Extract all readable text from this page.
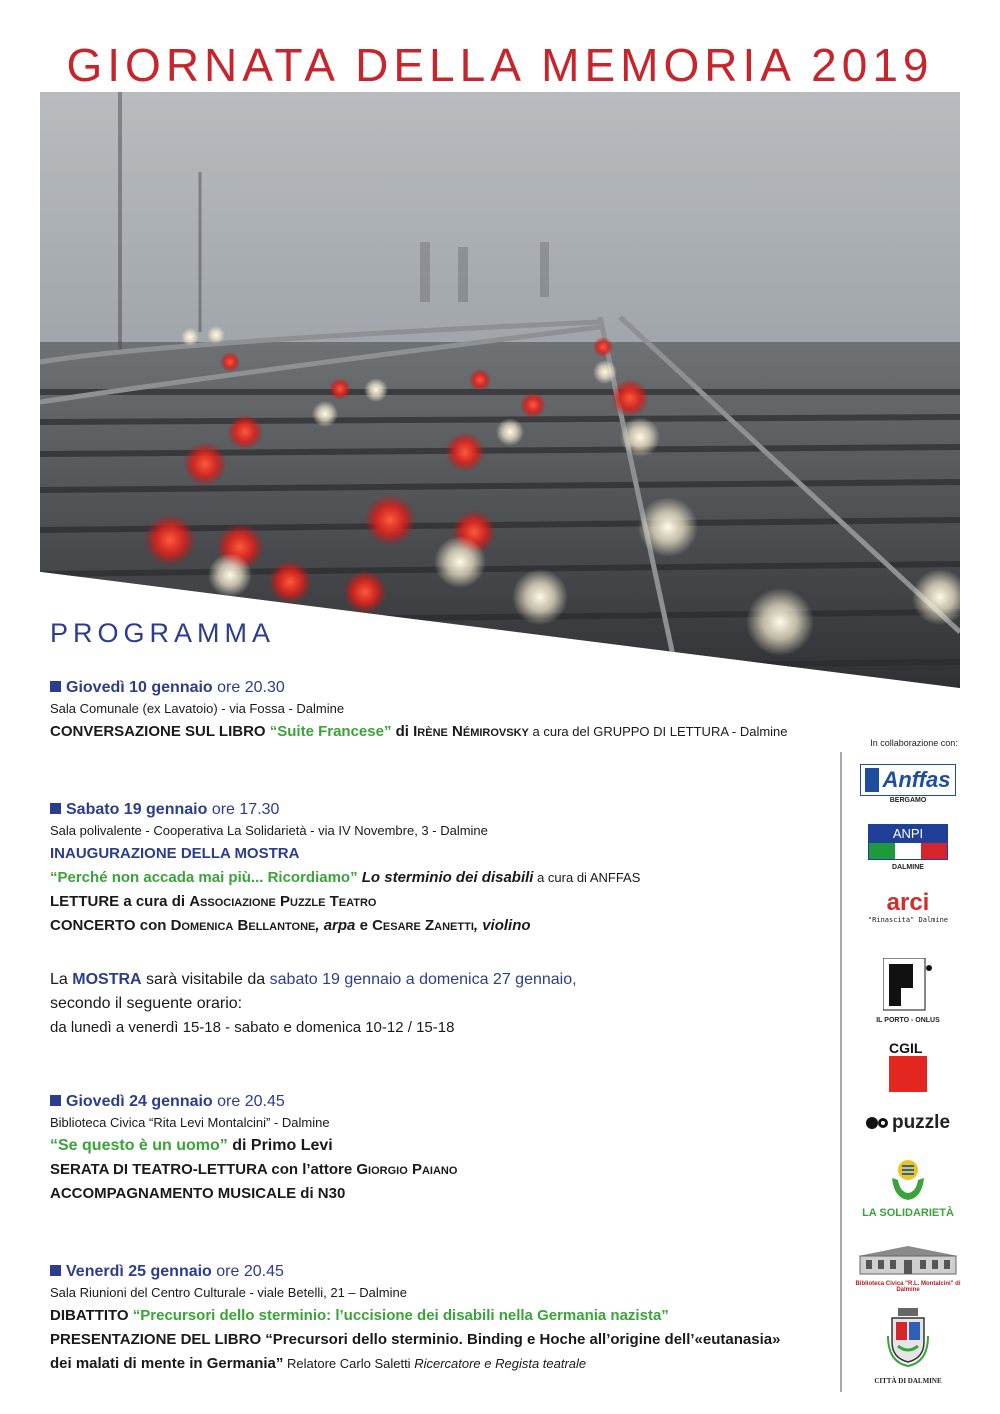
GIORNATA DELLA MEMORIA 2019
PROGRAMMA
Giovedì 10 gennaio ore 20.30
Sala Comunale (ex Lavatoio) - via Fossa - Dalmine
CONVERSAZIONE SUL LIBRO “Suite Francese” di Irène Némirovsky a cura del GRUPPO DI LETTURA - Dalmine
Sabato 19 gennaio ore 17.30
Sala polivalente - Cooperativa La Solidarietà - via IV Novembre, 3 - Dalmine
INAUGURAZIONE DELLA MOSTRA
“Perché non accada mai più... Ricordiamo” Lo sterminio dei disabili a cura di ANFFAS
LETTURE a cura di Associazione Puzzle Teatro
CONCERTO con Domenica Bellantone, arpa e Cesare Zanetti, violino
La MOSTRA sarà visitabile da sabato 19 gennaio a domenica 27 gennaio,
secondo il seguente orario:
da lunedì a venerdì 15-18 - sabato e domenica 10-12 / 15-18
Giovedì 24 gennaio ore 20.45
Biblioteca Civica “Rita Levi Montalcini” - Dalmine
“Se questo è un uomo” di Primo Levi
SERATA DI TEATRO-LETTURA con l’attore Giorgio Paiano
ACCOMPAGNAMENTO MUSICALE di N30
Venerdì 25 gennaio ore 20.45
Sala Riunioni del Centro Culturale - viale Betelli, 21 – Dalmine
DIBATTITO “Precursori dello sterminio: l’uccisione dei disabili nella Germania nazista”
PRESENTAZIONE DEL LIBRO “Precursori dello sterminio. Binding e Hoche all’origine dell’«eutanasia»
dei malati di mente in Germania” Relatore Carlo Saletti Ricercatore e Regista teatrale
In collaborazione con:
Anffas
BERGAMO
ANPI
DALMINE
arci
"Rinascita" Dalmine
IL PORTO - ONLUS
CGIL
puzzle
LA SOLIDARIETÀ
Biblioteca Civica "R.L. Montalcini" di Dalmine
CITTÀ DI DALMINE
